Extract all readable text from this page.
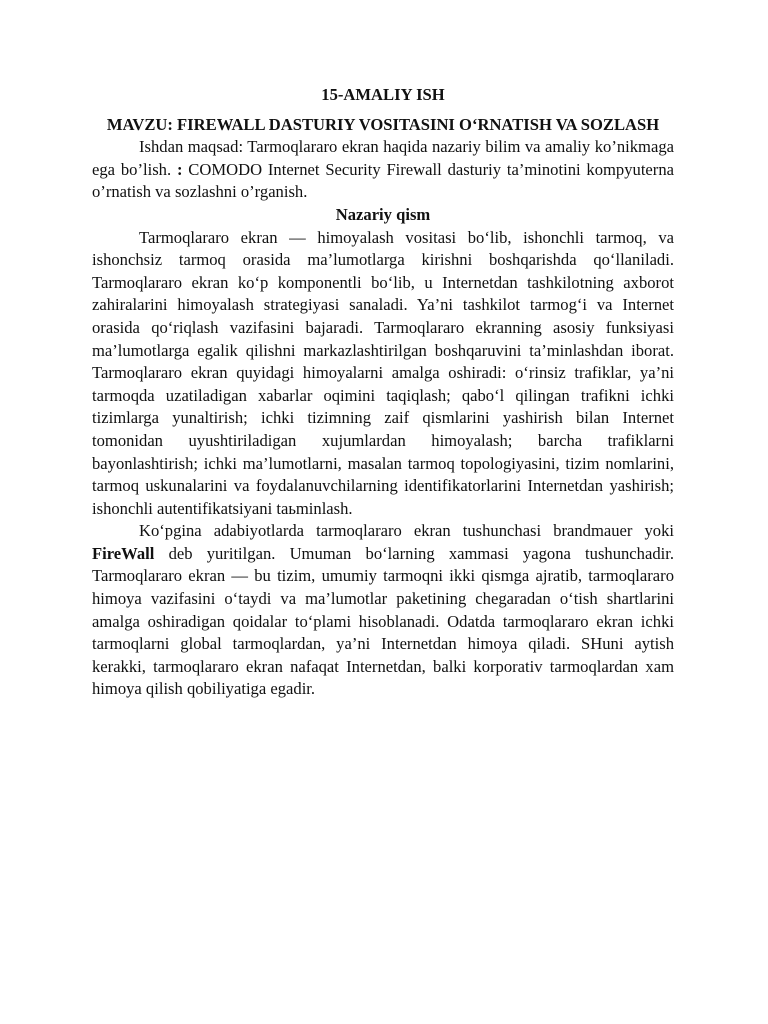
15-AMALIY ISH
MAVZU: FIREWALL DASTURIY VOSITASINI O‘RNATISH VA SOZLASH

Ishdan maqsad: Tarmoqlararo ekran haqida nazariy bilim va amaliy ko’nikmaga ega bo’lish. : COMODO Internet Security Firewall dasturiy ta’minotini kompyuterna o’rnatish va sozlashni o’rganish.

Nazariy qism

Tarmoqlararo ekran — himoyalash vositasi bo‘lib, ishonchli tarmoq, va ishonchsiz tarmoq orasida ma’lumotlarga kirishni boshqarishda qo‘llaniladi. Tarmoqlararo ekran ko‘p komponentli bo‘lib, u Internetdan tashkilotning axborot zahiralarini himoyalash strategiyasi sanaladi. Ya’ni tashkilot tarmog‘i va Internet orasida qo‘riqlash vazifasini bajaradi. Tarmoqlararo ekranning asosiy funksiyasi ma’lumotlarga egalik qilishni markazlashtirilgan boshqaruvini ta’minlashdan iborat. Tarmoqlararo ekran quyidagi himoyalarni amalga oshiradi: o‘rinsiz trafiklar, ya’ni tarmoqda uzatiladigan xabarlar oqimini taqiqlash; qabo‘l qilingan trafikni ichki tizimlarga yunaltirish; ichki tizimning zaif qismlarini yashirish bilan Internet tomonidan uyushtiriladigan xujumlardan himoyalash; barcha trafiklarni bayonlashtirish; ichki ma’lumotlarni, masalan tarmoq topologiyasini, tizim nomlarini, tarmoq uskunalarini va foydalanuvchilarning identifikatorlarini Internetdan yashirish; ishonchli autentifikatsiyani taьminlash.

Ko‘pgina adabiyotlarda tarmoqlararo ekran tushunchasi brandmauer yoki FireWall deb yuritilgan. Umuman bo‘larning xammasi yagona tushunchadir. Tarmoqlararo ekran — bu tizim, umumiy tarmoqni ikki qismga ajratib, tarmoqlararo himoya vazifasini o‘taydi va ma’lumotlar paketining chegaradan o‘tish shartlarini amalga oshiradigan qoidalar to‘plami hisoblanadi. Odatda tarmoqlararo ekran ichki tarmoqlarni global tarmoqlardan, ya’ni Internetdan himoya qiladi. SHuni aytish kerakki, tarmoqlararo ekran nafaqat Internetdan, balki korporativ tarmoqlardan xam himoya qilish qobiliyatiga egadir.
